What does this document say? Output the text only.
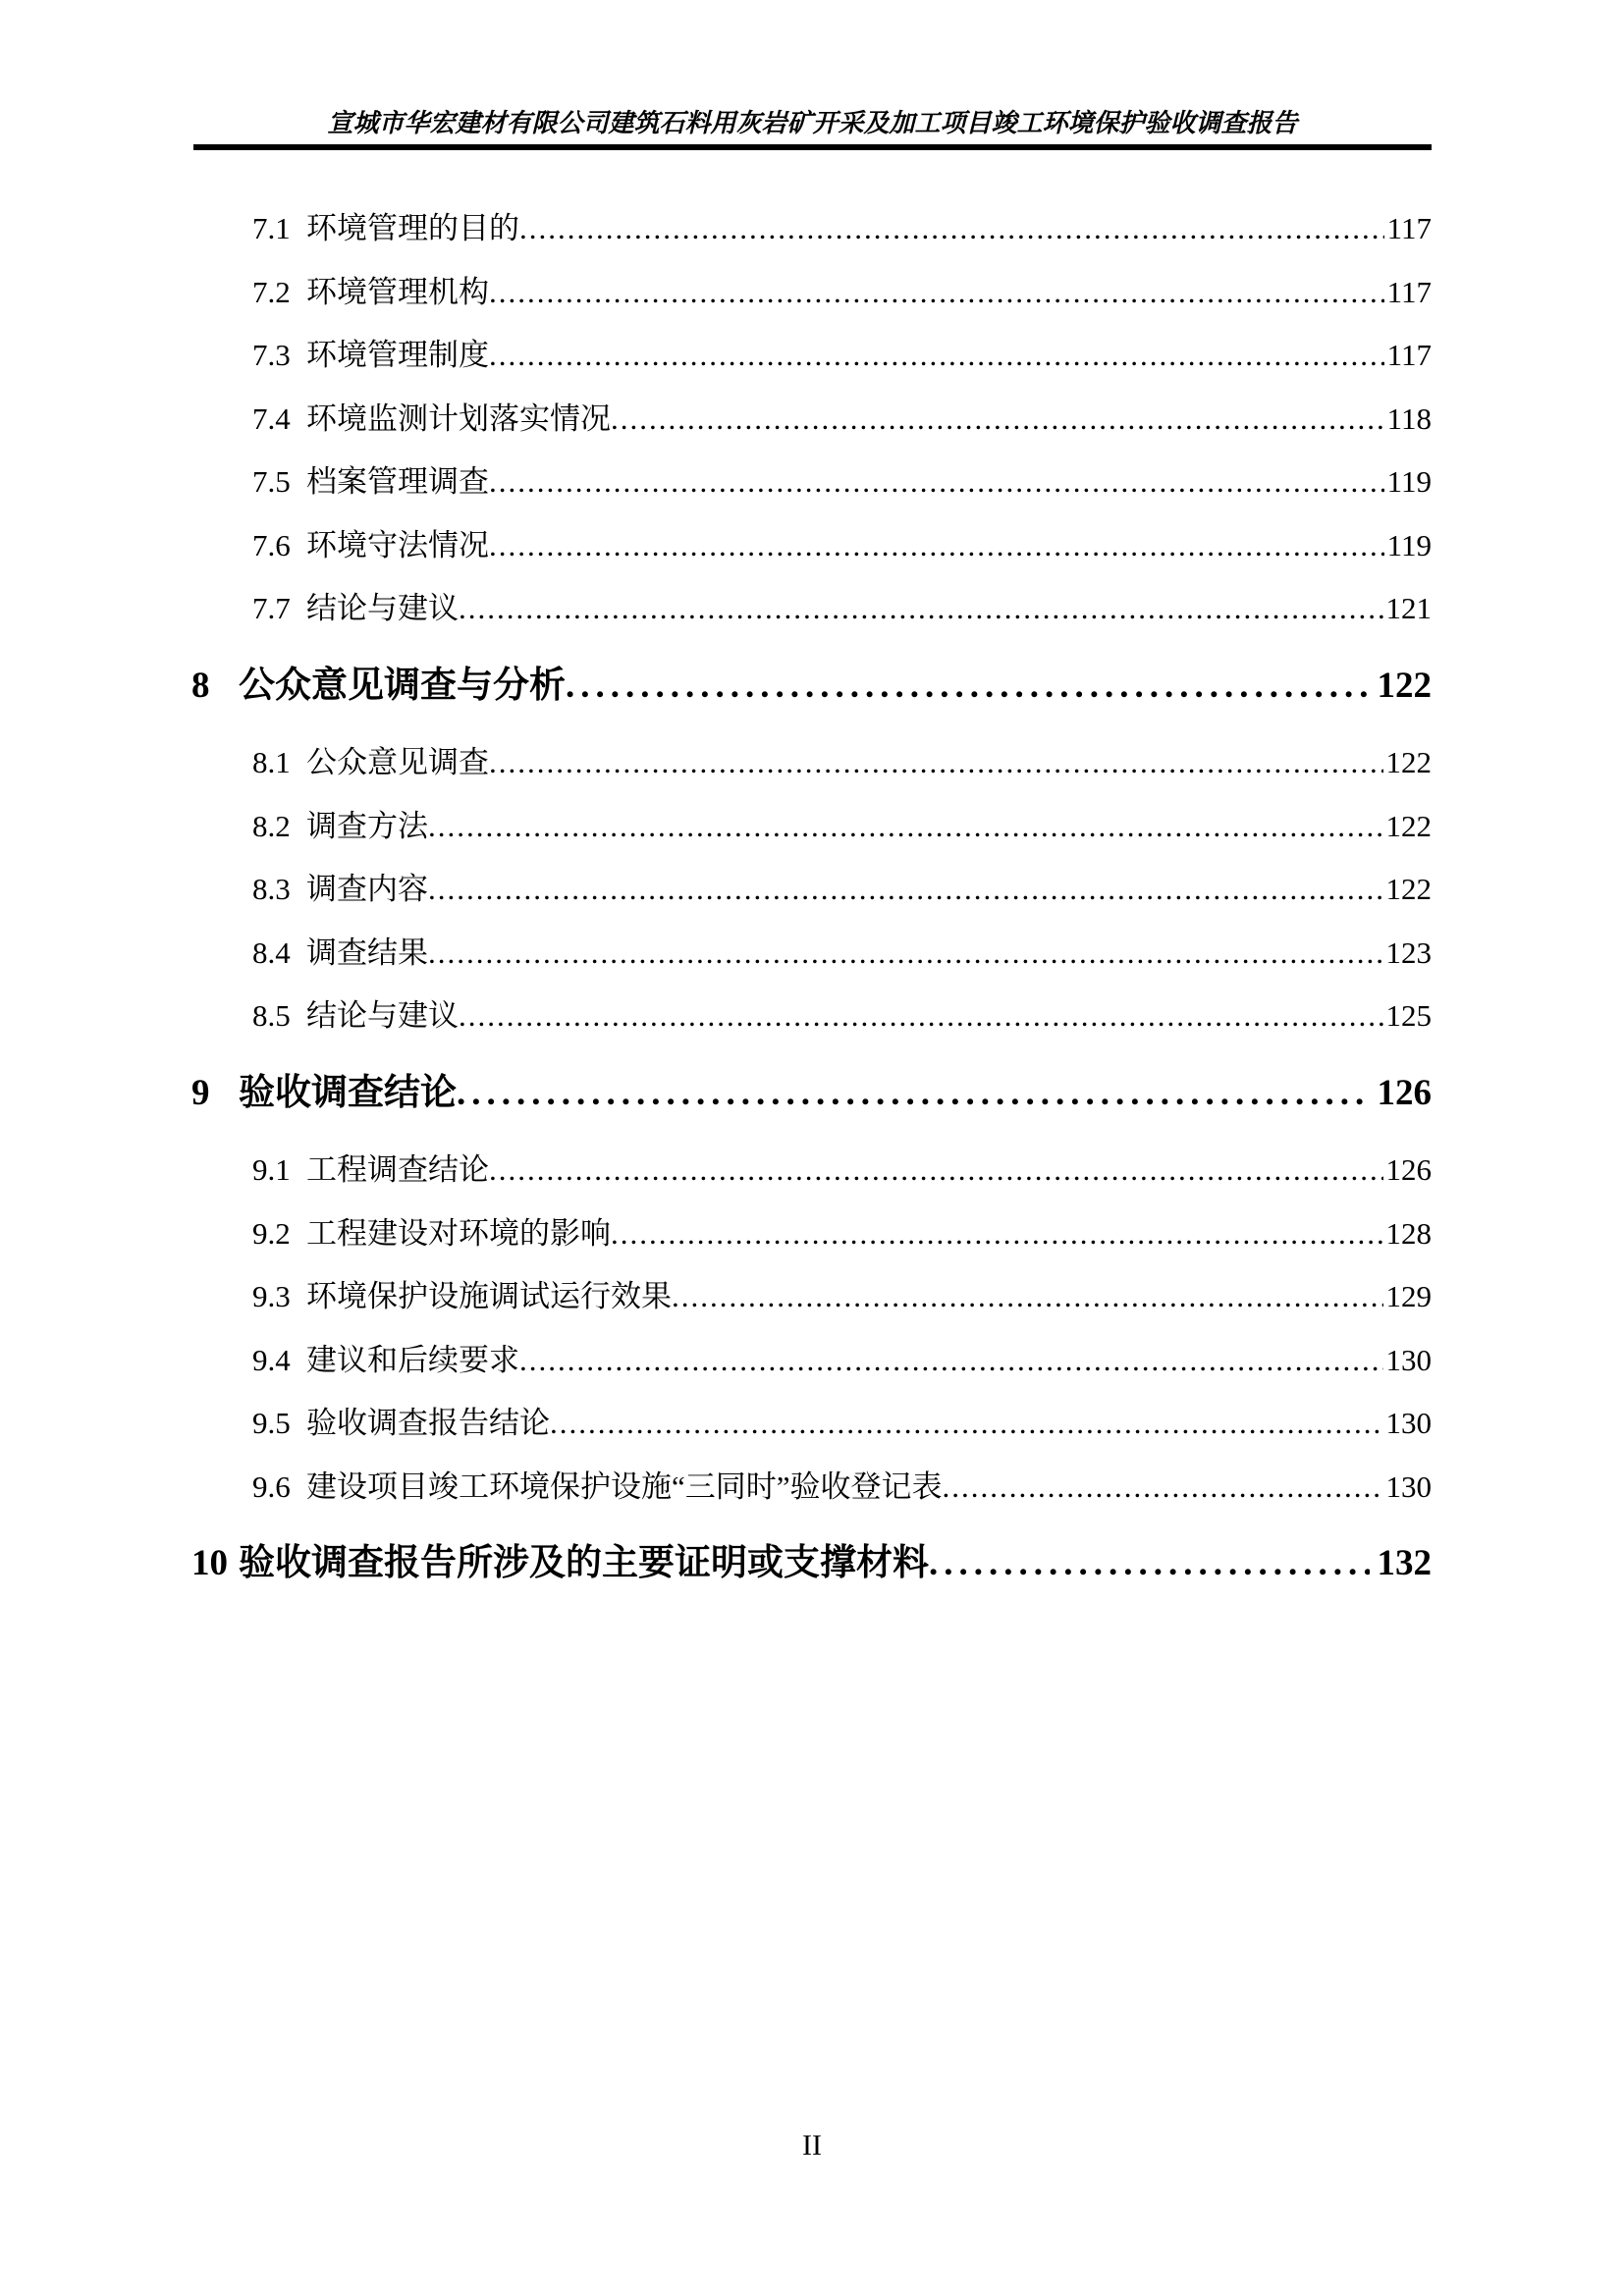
宣城市华宏建材有限公司建筑石料用灰岩矿开采及加工项目竣工环境保护验收调查报告
7.1 环境管理的目的 .....	117
7.2 环境管理机构 .....	117
7.3 环境管理制度 .....	117
7.4 环境监测计划落实情况 .....	118
7.5 档案管理调查 .....	119
7.6 环境守法情况 .....	119
7.7 结论与建议 .....	121
8 公众意见调查与分析 .....	122
8.1 公众意见调查 .....	122
8.2 调查方法 .....	122
8.3 调查内容 .....	122
8.4 调查结果 .....	123
8.5 结论与建议 .....	125
9 验收调查结论 .....	126
9.1 工程调查结论 .....	126
9.2 工程建设对环境的影响 .....	128
9.3 环境保护设施调试运行效果 .....	129
9.4 建议和后续要求 .....	130
9.5 验收调查报告结论 .....	130
9.6 建设项目竣工环境保护设施“三同时”验收登记表 .....	130
10 验收调查报告所涉及的主要证明或支撑材料 .....	132
II
